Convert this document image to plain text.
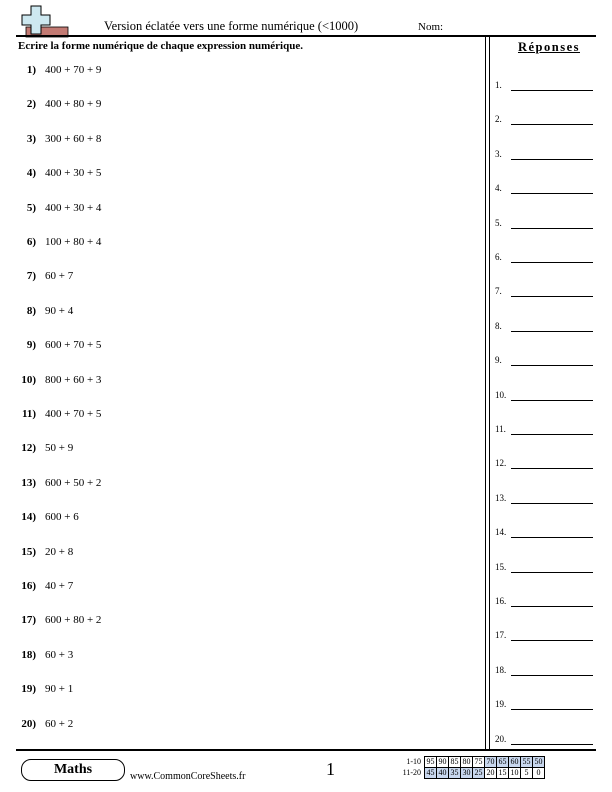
Version éclatée vers une forme numérique (<1000)	Nom:
Ecrire la forme numérique de chaque expression numérique.
1) 400 + 70 + 9
2) 400 + 80 + 9
3) 300 + 60 + 8
4) 400 + 30 + 5
5) 400 + 30 + 4
6) 100 + 80 + 4
7) 60 + 7
8) 90 + 4
9) 600 + 70 + 5
10) 800 + 60 + 3
11) 400 + 70 + 5
12) 50 + 9
13) 600 + 50 + 2
14) 600 + 6
15) 20 + 8
16) 40 + 7
17) 600 + 80 + 2
18) 60 + 3
19) 90 + 1
20) 60 + 2
Réponses
1.
2.
3.
4.
5.
6.
7.
8.
9.
10.
11.
12.
13.
14.
15.
16.
17.
18.
19.
20.
Maths	www.CommonCoreSheets.fr	1	1-10	95	90	85	80	75	70	65	60	55	50
11-20	45	40	35	30	25	20	15	10	5	0
